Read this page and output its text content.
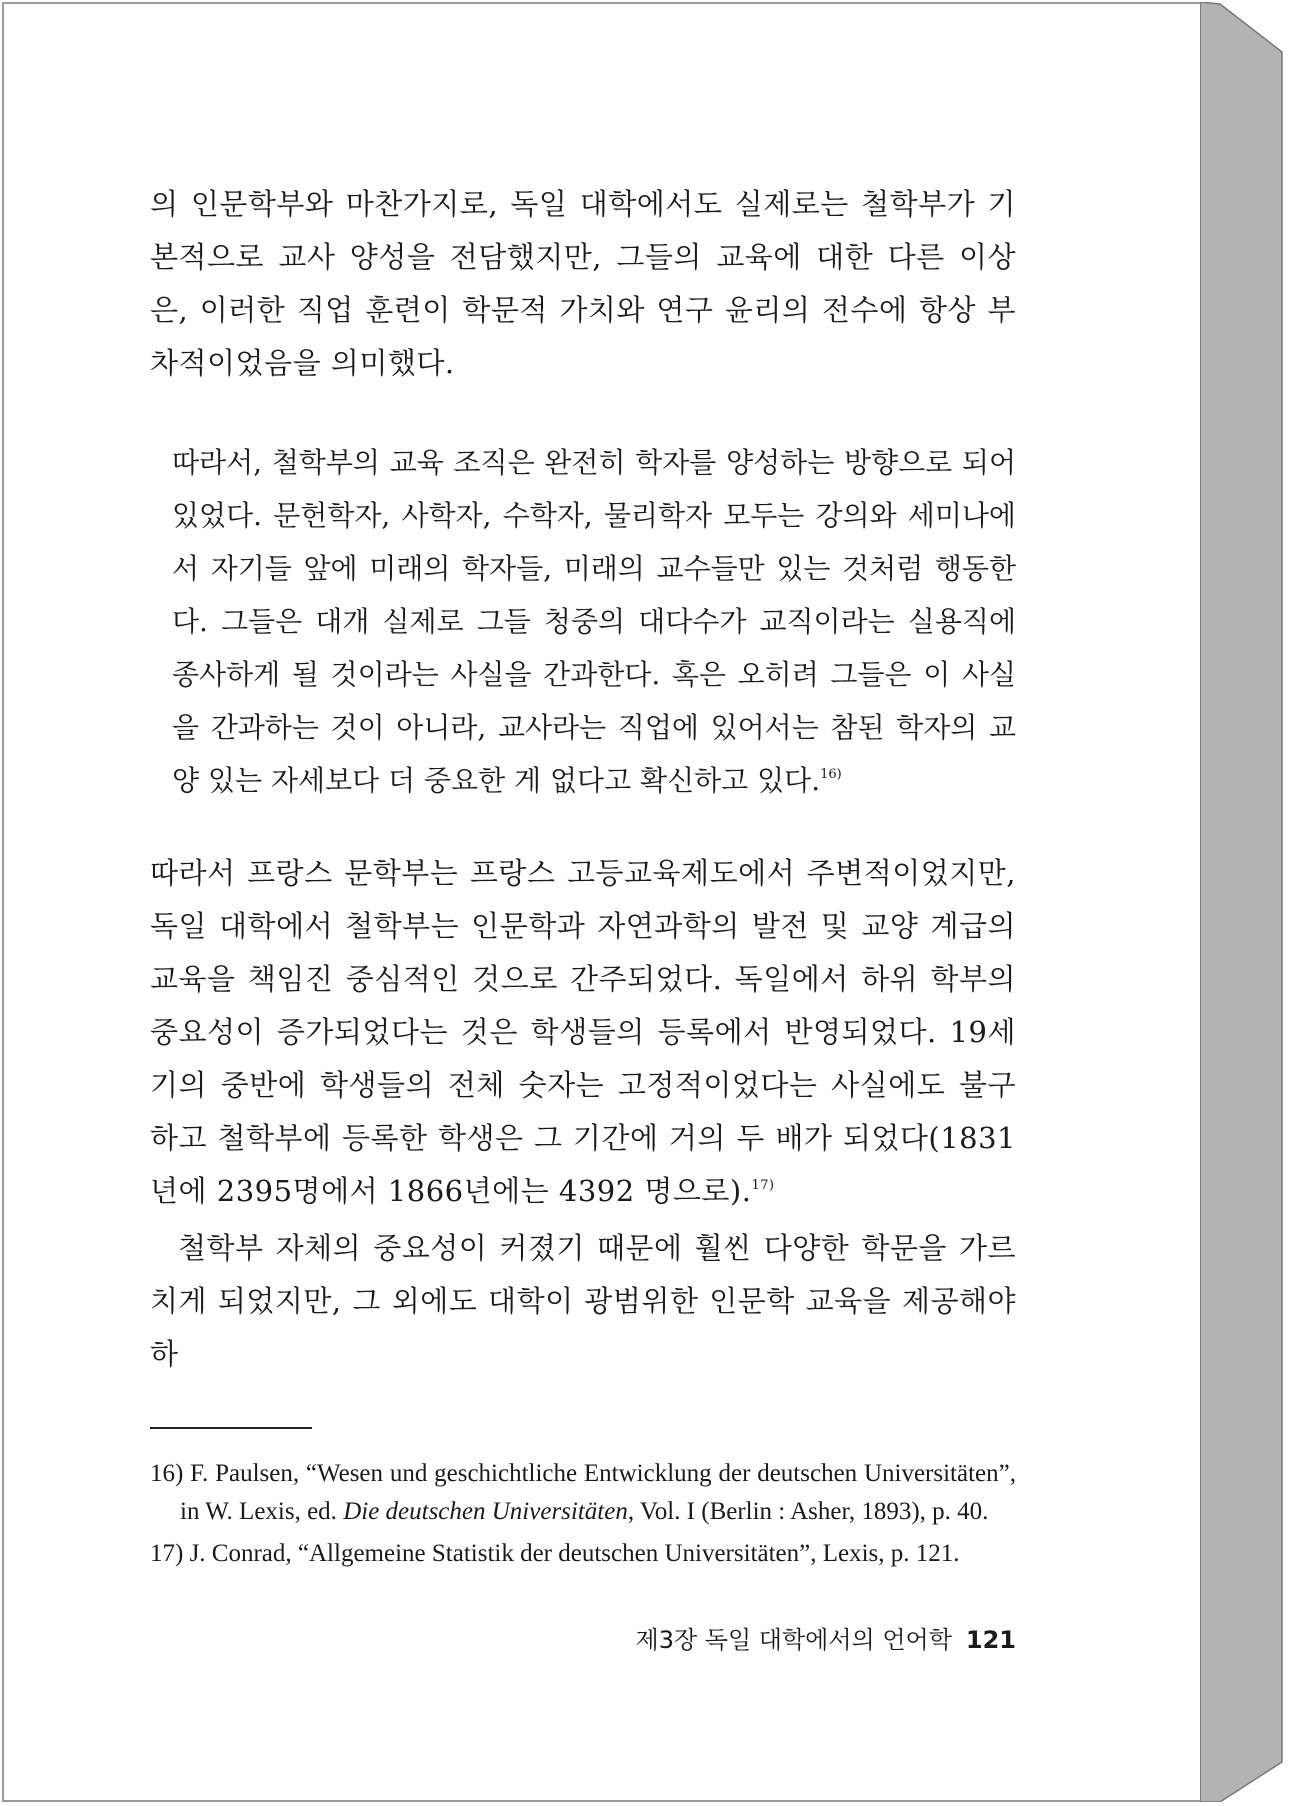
의 인문학부와 마찬가지로, 독일 대학에서도 실제로는 철학부가 기본적으로 교사 양성을 전담했지만, 그들의 교육에 대한 다른 이상은, 이러한 직업 훈련이 학문적 가치와 연구 윤리의 전수에 항상 부차적이었음을 의미했다.

따라서, 철학부의 교육 조직은 완전히 학자를 양성하는 방향으로 되어 있었다. 문헌학자, 사학자, 수학자, 물리학자 모두는 강의와 세미나에서 자기들 앞에 미래의 학자들, 미래의 교수들만 있는 것처럼 행동한다. 그들은 대개 실제로 그들 청중의 대다수가 교직이라는 실용직에 종사하게 될 것이라는 사실을 간과한다. 혹은 오히려 그들은 이 사실을 간과하는 것이 아니라, 교사라는 직업에 있어서는 참된 학자의 교양 있는 자세보다 더 중요한 게 없다고 확신하고 있다.$^{16)}$

따라서 프랑스 문학부는 프랑스 고등교육제도에서 주변적이었지만, 독일 대학에서 철학부는 인문학과 자연과학의 발전 및 교양 계급의 교육을 책임진 중심적인 것으로 간주되었다. 독일에서 하위 학부의 중요성이 증가되었다는 것은 학생들의 등록에서 반영되었다. 19세기의 중반에 학생들의 전체 숫자는 고정적이었다는 사실에도 불구하고 철학부에 등록한 학생은 그 기간에 거의 두 배가 되었다(1831년에 2395명에서 1866년에는 4392 명으로).$^{17)}$

철학부 자체의 중요성이 커졌기 때문에 훨씬 다양한 학문을 가르치게 되었지만, 그 외에도 대학이 광범위한 인문학 교육을 제공해야 하

16) F. Paulsen, “Wesen und geschichtliche Entwicklung der deutschen Universitäten”, in W. Lexis, ed. Die deutschen Universitäten, Vol. I (Berlin : Asher, 1893), p. 40.

17) J. Conrad, “Allgemeine Statistik der deutschen Universitäten”, Lexis, p. 121.

제3장 독일 대학에서의 언어학 121
